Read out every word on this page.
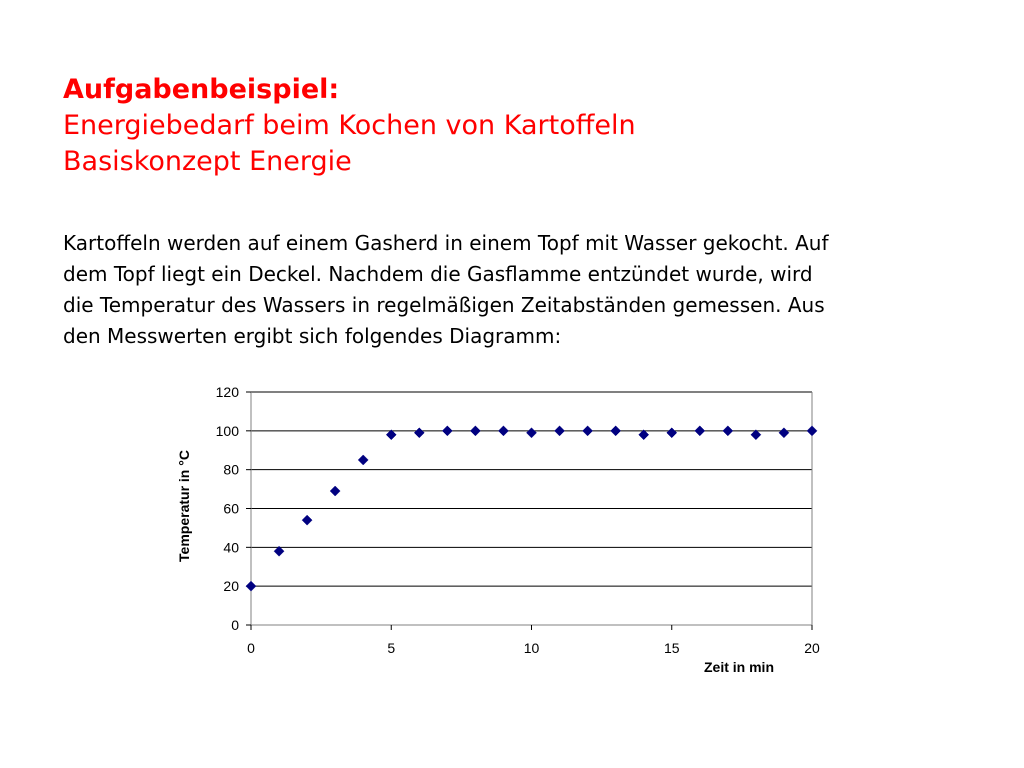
Aufgabenbeispiel:
Energiebedarf beim Kochen von Kartoffeln
Basiskonzept Energie
Kartoffeln werden auf einem Gasherd in einem Topf mit Wasser gekocht. Auf
dem Topf liegt ein Deckel. Nachdem die Gasflamme entzündet wurde, wird
die Temperatur des Wassers in regelmäßigen Zeitabständen gemessen. Aus
den Messwerten ergibt sich folgendes Diagramm:
0
20
40
60
80
100
120
0	5	10	15	20
Temperatur in °C
Zeit in min
